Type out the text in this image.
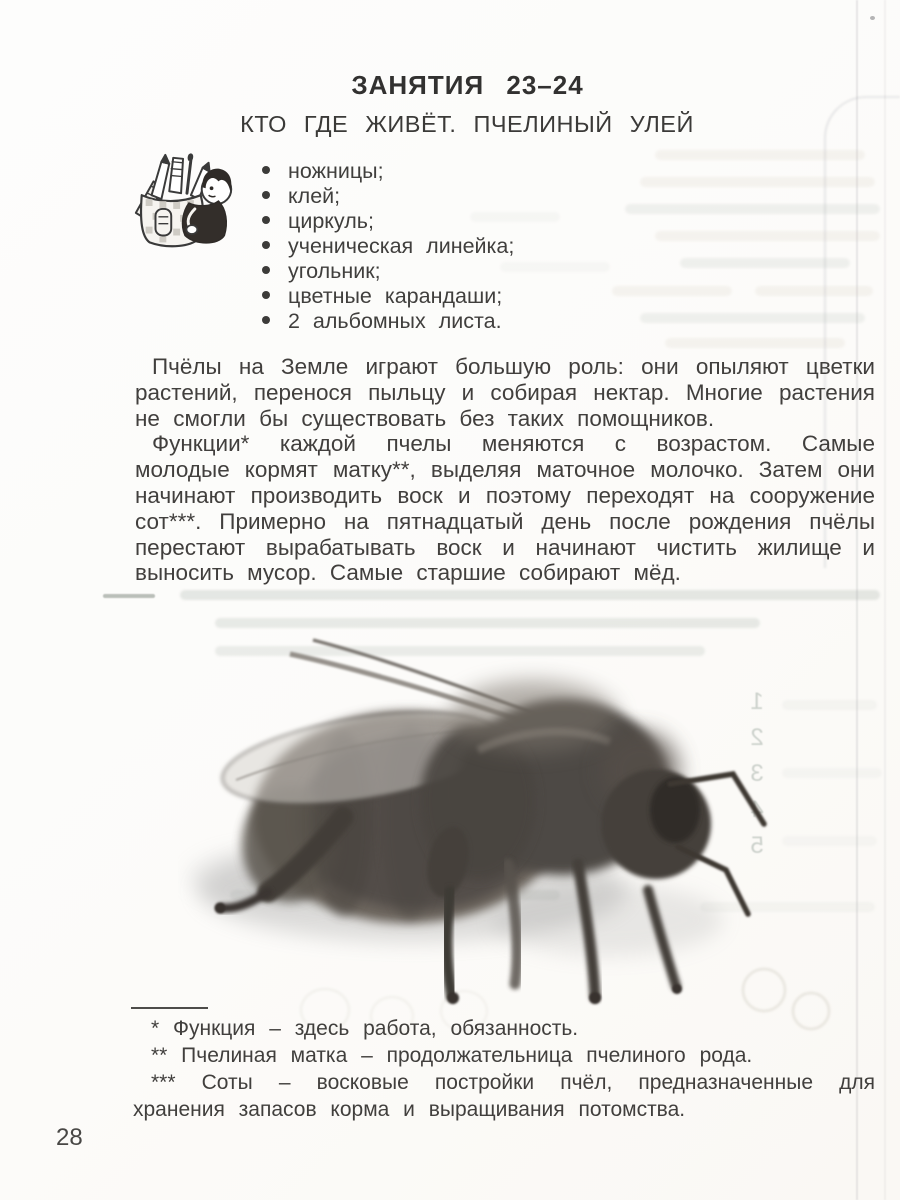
1
2
3
4
5
ЗАНЯТИЯ 23–24
КТО ГДЕ ЖИВЁТ. ПЧЕЛИНЫЙ УЛЕЙ
ножницы;
клей;
циркуль;
ученическая линейка;
угольник;
цветные карандаши;
2 альбомных листа.
Пчёлы на Земле играют большую роль: они опыляют цветки
растений, перенося пыльцу и собирая нектар. Многие растения
не смогли бы существовать без таких помощников.
Функции* каждой пчелы меняются с возрастом. Самые
молодые кормят матку**, выделяя маточное молочко. Затем они
начинают производить воск и поэтому переходят на сооружение
сот***. Примерно на пятнадцатый день после рождения пчёлы
перестают вырабатывать воск и начинают чистить жилище и
выносить мусор. Самые старшие собирают мёд.
* Функция – здесь работа, обязанность.
** Пчелиная матка – продолжательница пчелиного рода.
*** Соты – восковые постройки пчёл, предназначенные для
хранения запасов корма и выращивания потомства.
28
